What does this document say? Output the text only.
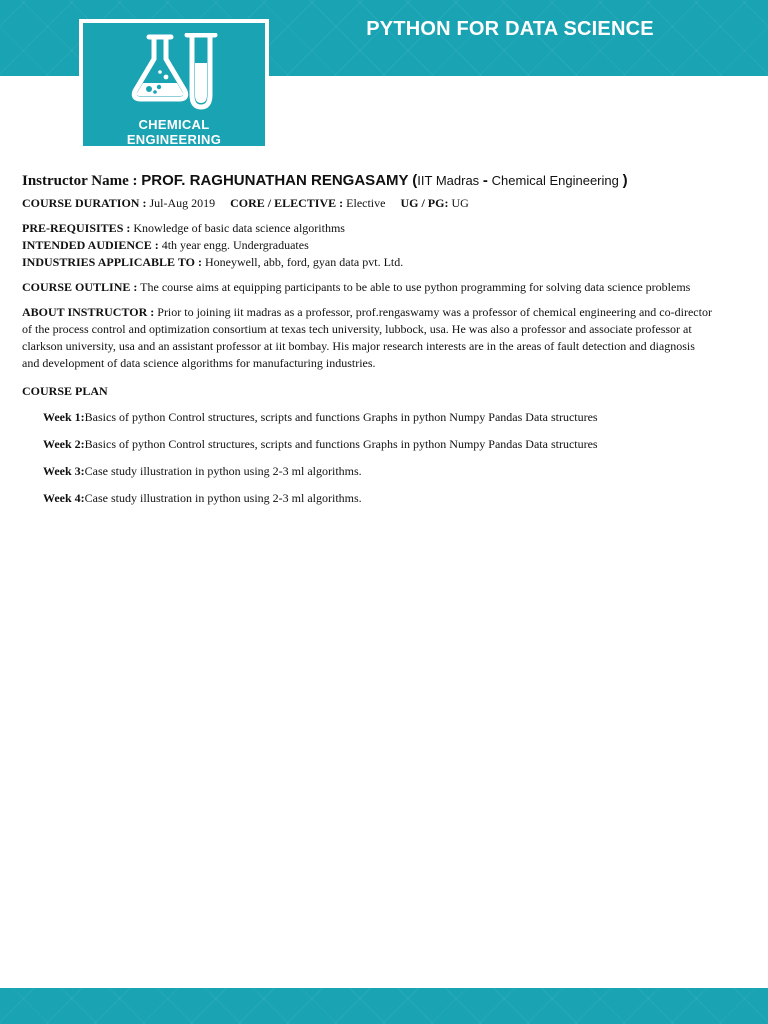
PYTHON FOR DATA SCIENCE
CHEMICAL
ENGINEERING
Instructor Name : PROF. RAGHUNATHAN RENGASAMY (IIT Madras - Chemical Engineering )
COURSE DURATION : Jul-Aug 2019 CORE / ELECTIVE : Elective UG / PG: UG
PRE-REQUISITES : Knowledge of basic data science algorithms
INTENDED AUDIENCE : 4th year engg. Undergraduates
INDUSTRIES APPLICABLE TO : Honeywell, abb, ford, gyan data pvt. Ltd.
COURSE OUTLINE : The course aims at equipping participants to be able to use python programming for solving data science problems
ABOUT INSTRUCTOR : Prior to joining iit madras as a professor, prof.rengaswamy was a professor of chemical engineering and co-director of the process control and optimization consortium at texas tech university, lubbock, usa. He was also a professor and associate professor at clarkson university, usa and an assistant professor at iit bombay. His major research interests are in the areas of fault detection and diagnosis and development of data science algorithms for manufacturing industries.
COURSE PLAN
Week 1:Basics of python Control structures, scripts and functions Graphs in python Numpy Pandas Data structures
Week 2:Basics of python Control structures, scripts and functions Graphs in python Numpy Pandas Data structures
Week 3:Case study illustration in python using 2-3 ml algorithms.
Week 4:Case study illustration in python using 2-3 ml algorithms.
